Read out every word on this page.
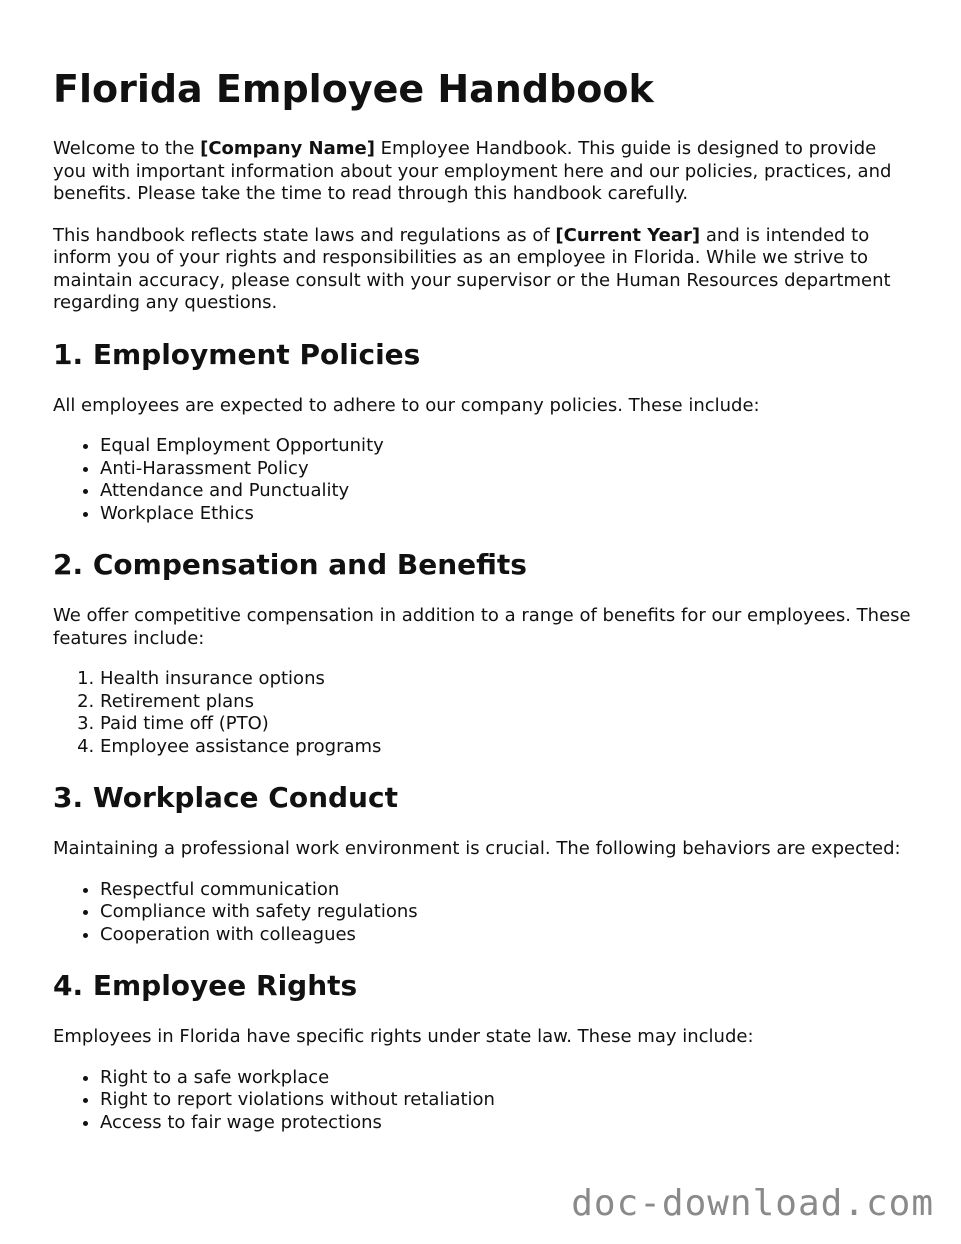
Florida Employee Handbook

Welcome to the [Company Name] Employee Handbook. This guide is designed to provide you with important information about your employment here and our policies, practices, and benefits. Please take the time to read through this handbook carefully.

This handbook reflects state laws and regulations as of [Current Year] and is intended to inform you of your rights and responsibilities as an employee in Florida. While we strive to maintain accuracy, please consult with your supervisor or the Human Resources department regarding any questions.

1. Employment Policies

All employees are expected to adhere to our company policies. These include:

• Equal Employment Opportunity
• Anti-Harassment Policy
• Attendance and Punctuality
• Workplace Ethics
2. Compensation and Benefits

We offer competitive compensation in addition to a range of benefits for our employees. These features include:

1. Health insurance options
2. Retirement plans
3. Paid time off (PTO)
4. Employee assistance programs
3. Workplace Conduct

Maintaining a professional work environment is crucial. The following behaviors are expected:

• Respectful communication
• Compliance with safety regulations
• Cooperation with colleagues
4. Employee Rights

Employees in Florida have specific rights under state law. These may include:

• Right to a safe workplace
• Right to report violations without retaliation
• Access to fair wage protections
doc-download.com
